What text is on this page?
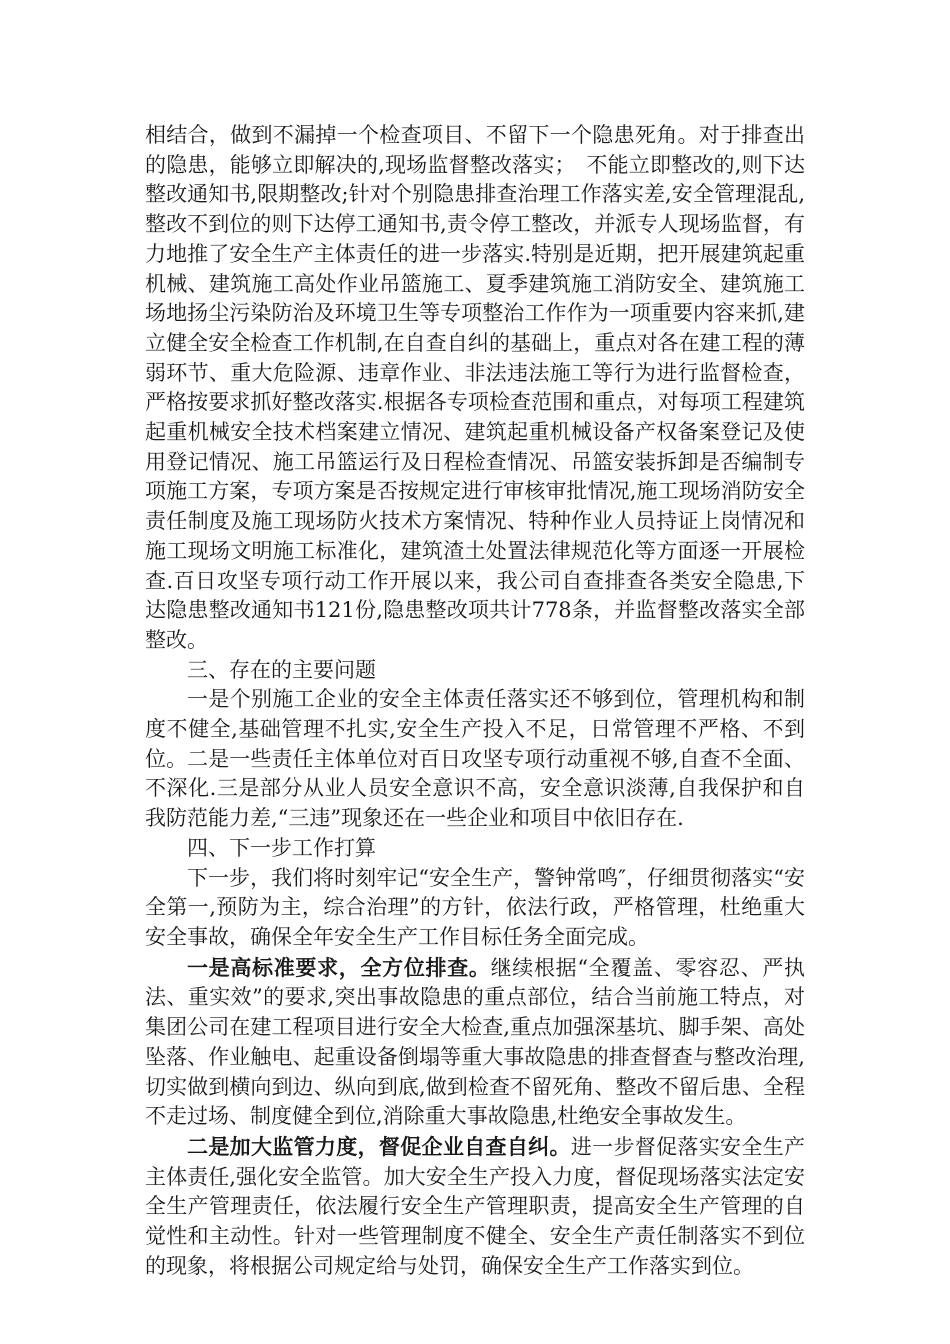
相结合，做到不漏掉一个检查项目、不留下一个隐患死角。对于排查出的隐患，能够立即解决的,现场监督整改落实；　不能立即整改的,则下达整改通知书,限期整改;针对个别隐患排查治理工作落实差,安全管理混乱,整改不到位的则下达停工通知书,责令停工整改，并派专人现场监督，有力地推了安全生产主体责任的进一步落实.特别是近期，把开展建筑起重机械、建筑施工高处作业吊篮施工、夏季建筑施工消防安全、建筑施工场地扬尘污染防治及环境卫生等专项整治工作作为一项重要内容来抓,建立健全安全检查工作机制,在自查自纠的基础上，重点对各在建工程的薄弱环节、重大危险源、违章作业、非法违法施工等行为进行监督检查，严格按要求抓好整改落实.根据各专项检查范围和重点，对每项工程建筑起重机械安全技术档案建立情况、建筑起重机械设备产权备案登记及使用登记情况、施工吊篮运行及日程检查情况、吊篮安装拆卸是否编制专项施工方案，专项方案是否按规定进行审核审批情况,施工现场消防安全责任制度及施工现场防火技术方案情况、特种作业人员持证上岗情况和施工现场文明施工标准化，建筑渣土处置法律规范化等方面逐一开展检查.百日攻坚专项行动工作开展以来，我公司自查排查各类安全隐患,下达隐患整改通知书121份,隐患整改项共计778条，并监督整改落实全部整改。

三、存在的主要问题

一是个别施工企业的安全主体责任落实还不够到位，管理机构和制度不健全,基础管理不扎实,安全生产投入不足，日常管理不严格、不到位。二是一些责任主体单位对百日攻坚专项行动重视不够,自查不全面、不深化.三是部分从业人员安全意识不高，安全意识淡薄,自我保护和自我防范能力差,“三违”现象还在一些企业和项目中依旧存在.

四、下一步工作打算

下一步，我们将时刻牢记“安全生产，警钟常鸣″，仔细贯彻落实“安全第一,预防为主，综合治理”的方针，依法行政，严格管理，杜绝重大安全事故，确保全年安全生产工作目标任务全面完成。

一是高标准要求，全方位排查。继续根据“全覆盖、零容忍、严执法、重实效”的要求,突出事故隐患的重点部位，结合当前施工特点，对集团公司在建工程项目进行安全大检查,重点加强深基坑、脚手架、高处坠落、作业触电、起重设备倒塌等重大事故隐患的排查督查与整改治理,切实做到横向到边、纵向到底,做到检查不留死角、整改不留后患、全程不走过场、制度健全到位,消除重大事故隐患,杜绝安全事故发生。

二是加大监管力度，督促企业自查自纠。进一步督促落实安全生产主体责任,强化安全监管。加大安全生产投入力度，督促现场落实法定安全生产管理责任，依法履行安全生产管理职责，提高安全生产管理的自觉性和主动性。针对一些管理制度不健全、安全生产责任制落实不到位的现象，将根据公司规定给与处罚，确保安全生产工作落实到位。
